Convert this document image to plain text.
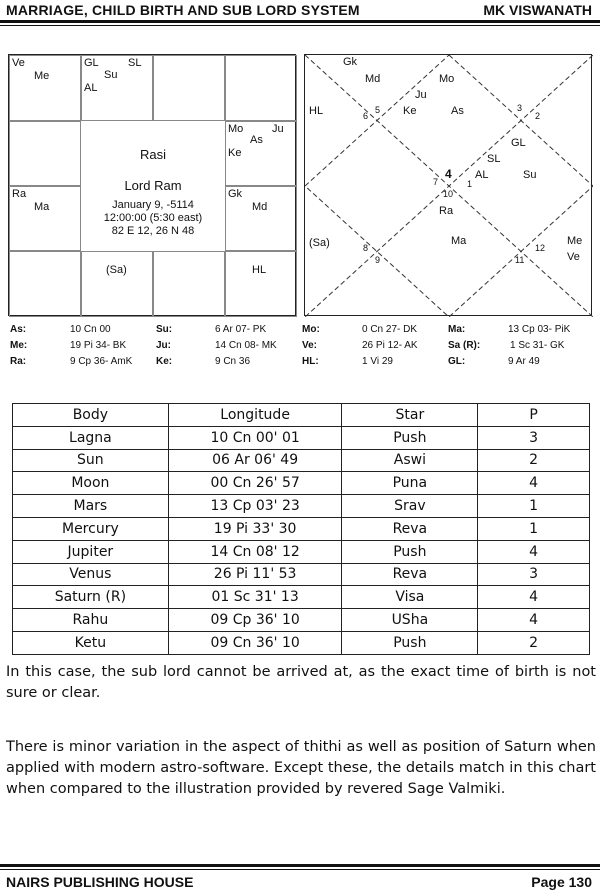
MARRIAGE, CHILD BIRTH AND SUB LORD SYSTEM	MK VISWANATH
Ve
Me
GL	SL
Su
AL
Mo	Ju
As
Ke
Gk
Md
Ra
Ma
(Sa)	HL
Rasi
Lord Ram
January 9, -5114
12:00:00 (5:30 east)
82 E 12, 26 N 48
Gk
Md	Mo
Ju
Ke	As
HL
GL
SL
AL	Su
Ra
Ma
(Sa)	Me
Ve
5
6
3
2
4
7	1
10
8
9
12
11
As:	10 Cn 00	Su:	6 Ar 07- PK	Mo:	0 Cn 27- DK	Ma:	13 Cp 03- PiK
Me:	19 Pi 34- BK	Ju:	14 Cn 08- MK	Ve:	26 Pi 12- AK	Sa (R):	1 Sc 31- GK
Ra:	9 Cp 36- AmK Ke:	9 Cn 36	HL:	1 Vi 29	GL:	9 Ar 49
Body	Longitude	Star	P
Lagna	10 Cn 00' 01	Push	3
Sun	06 Ar 06' 49	Aswi	2
Moon	00 Cn 26' 57	Puna	4
Mars	13 Cp 03' 23	Srav	1
Mercury	19 Pi 33' 30	Reva	1
Jupiter	14 Cn 08' 12	Push	4
Venus	26 Pi 11' 53	Reva	3
Saturn (R)	01 Sc 31' 13	Visa	4
Rahu	09 Cp 36' 10	USha	4
Ketu	09 Cn 36' 10	Push	2

In this case, the sub lord cannot be arrived at, as the exact time of birth is not sure or clear.

There is minor variation in the aspect of thithi as well as position of Saturn when applied with modern astro-software. Except these, the details match in this chart when compared to the illustration provided by revered Sage Valmiki.

NAIRS PUBLISHING HOUSE	Page 130
